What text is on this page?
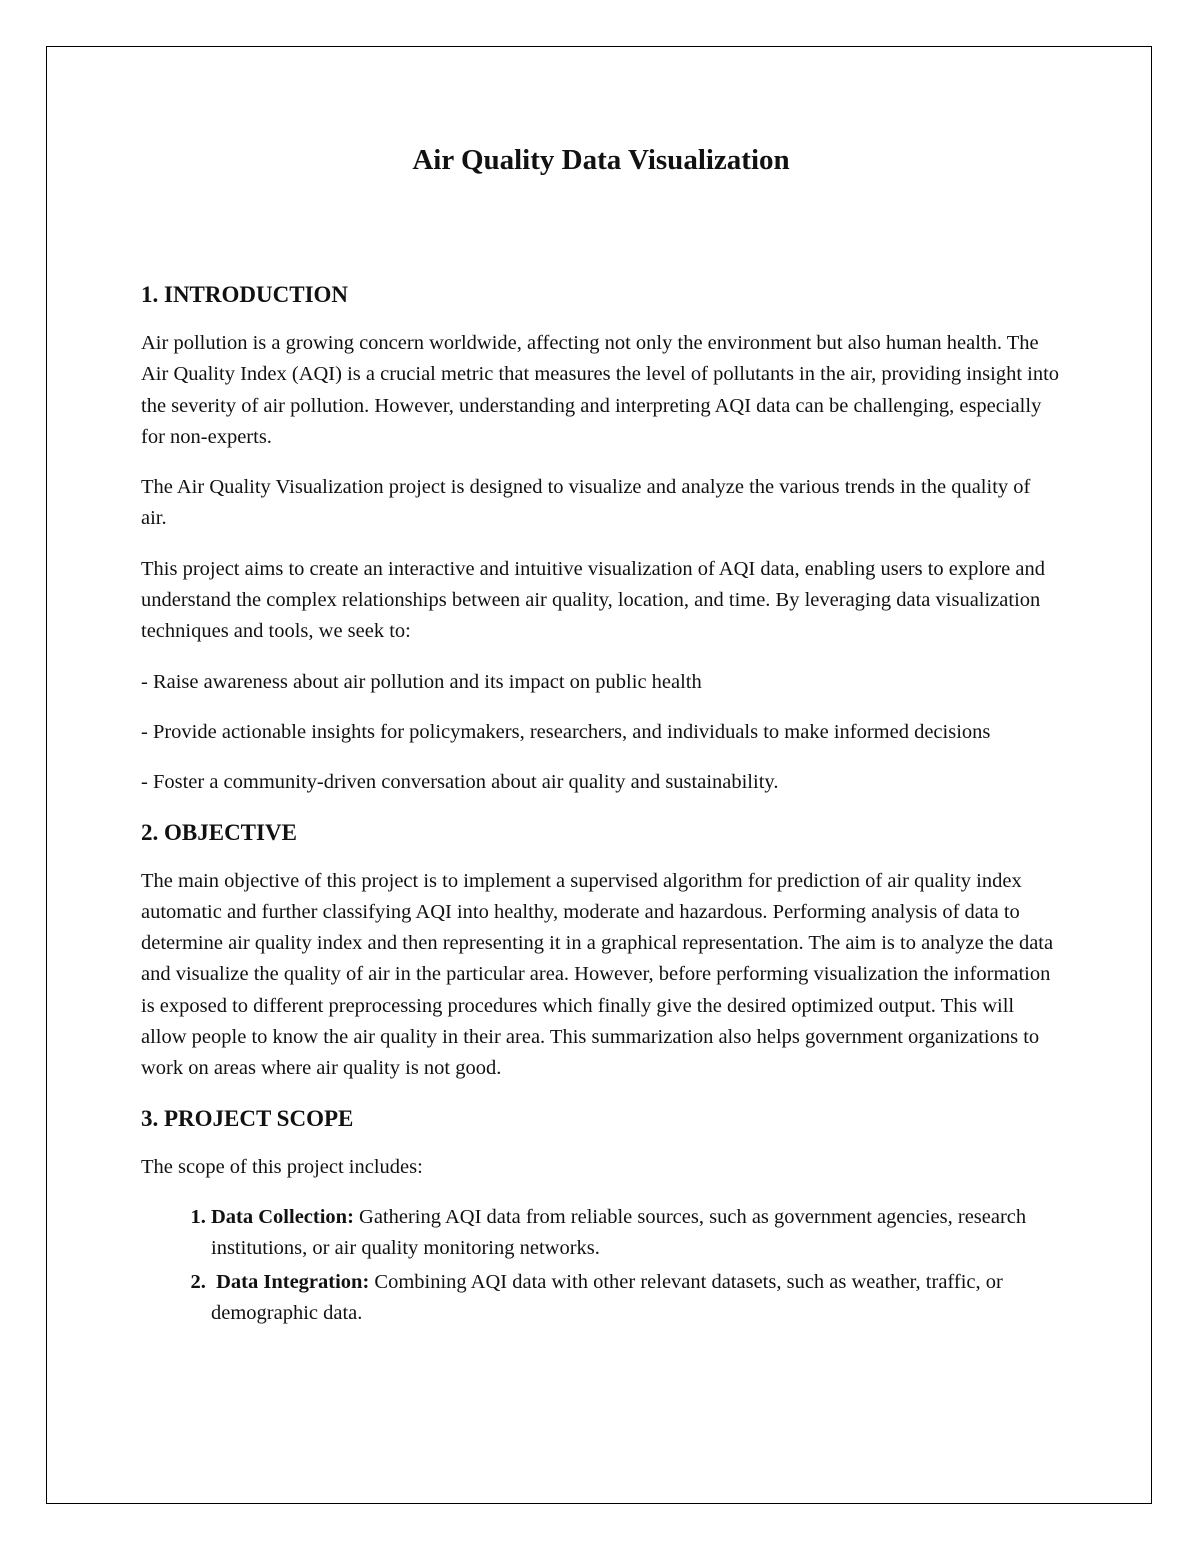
Air Quality Data Visualization
1. INTRODUCTION

Air pollution is a growing concern worldwide, affecting not only the environment but also human health. The Air Quality Index (AQI) is a crucial metric that measures the level of pollutants in the air, providing insight into the severity of air pollution. However, understanding and interpreting AQI data can be challenging, especially for non-experts.

The Air Quality Visualization project is designed to visualize and analyze the various trends in the quality of air.

This project aims to create an interactive and intuitive visualization of AQI data, enabling users to explore and understand the complex relationships between air quality, location, and time. By leveraging data visualization techniques and tools, we seek to:

- Raise awareness about air pollution and its impact on public health

- Provide actionable insights for policymakers, researchers, and individuals to make informed decisions

- Foster a community-driven conversation about air quality and sustainability.

2. OBJECTIVE

The main objective of this project is to implement a supervised algorithm for prediction of air quality index automatic and further classifying AQI into healthy, moderate and hazardous. Performing analysis of data to determine air quality index and then representing it in a graphical representation. The aim is to analyze the data and visualize the quality of air in the particular area. However, before performing visualization the information is exposed to different preprocessing procedures which finally give the desired optimized output. This will allow people to know the air quality in their area. This summarization also helps government organizations to work on areas where air quality is not good.

3. PROJECT SCOPE

The scope of this project includes:

1. Data Collection: Gathering AQI data from reliable sources, such as government agencies, research institutions, or air quality monitoring networks.
2.  Data Integration: Combining AQI data with other relevant datasets, such as weather, traffic, or demographic data.
